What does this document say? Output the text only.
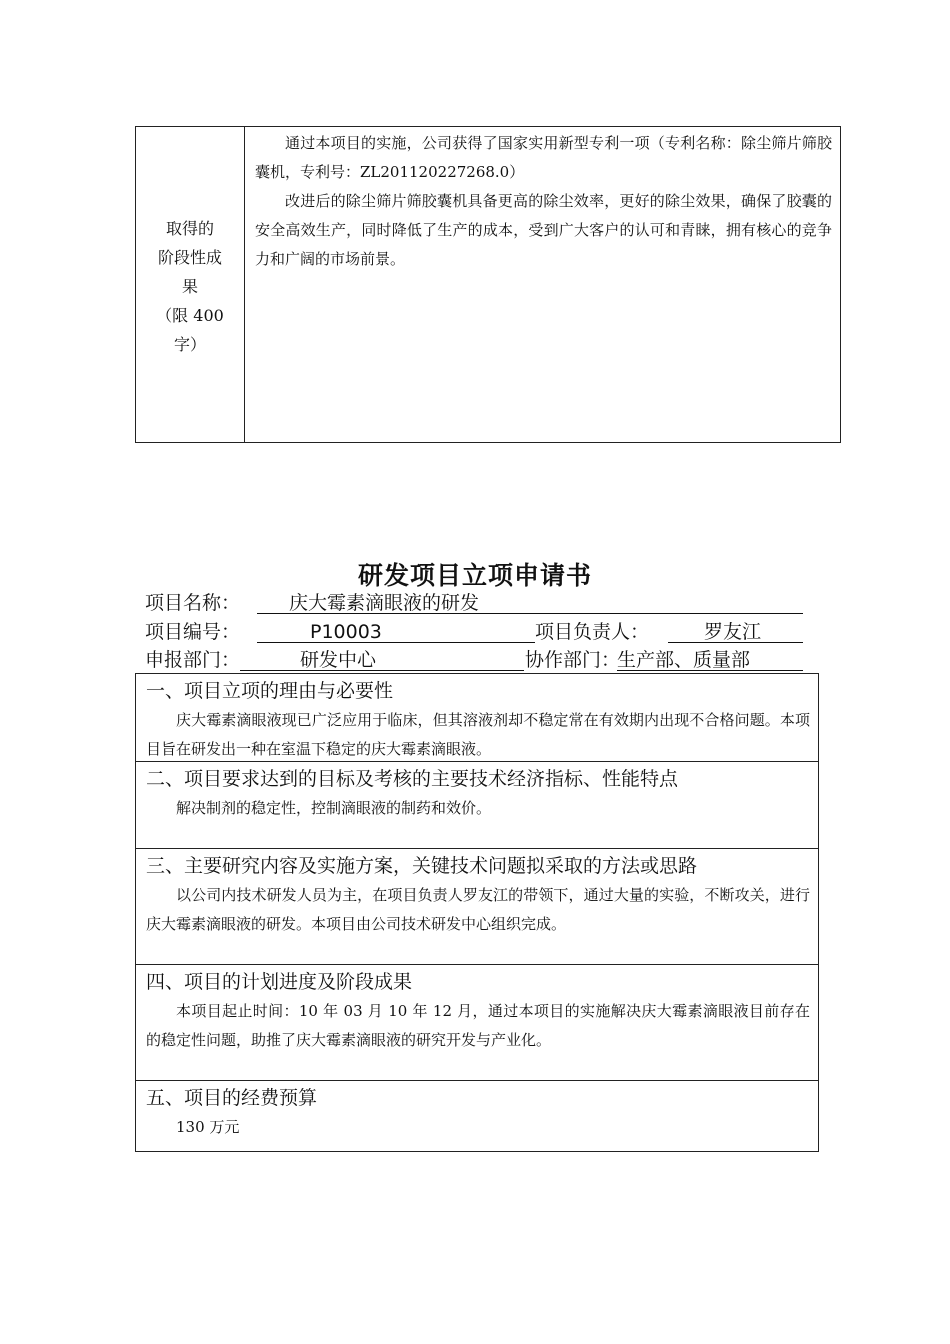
取得的
阶段性成
果
（限 400
字）

通过本项目的实施，公司获得了国家实用新型专利一项（专利名称：除尘筛片筛胶囊机，专利号：ZL201120227268.0）

改进后的除尘筛片筛胶囊机具备更高的除尘效率，更好的除尘效果，确保了胶囊的安全高效生产，同时降低了生产的成本，受到广大客户的认可和青睐，拥有核心的竞争力和广阔的市场前景。

研发项目立项申请书
项目名称：	庆大霉素滴眼液的研发
项目编号：	P10003	项目负责人：	罗友江
申报部门：	研发中心	协作部门：
生产部、质量部
一、项目立项的理由与必要性

庆大霉素滴眼液现已广泛应用于临床，但其溶液剂却不稳定常在有效期内出现不合格问题。本项目旨在研发出一种在室温下稳定的庆大霉素滴眼液。

二、项目要求达到的目标及考核的主要技术经济指标、性能特点

解决制剂的稳定性，控制滴眼液的制药和效价。

三、主要研究内容及实施方案，关键技术问题拟采取的方法或思路

以公司内技术研发人员为主，在项目负责人罗友江的带领下，通过大量的实验，不断攻关，进行庆大霉素滴眼液的研发。本项目由公司技术研发中心组织完成。

四、项目的计划进度及阶段成果

本项目起止时间：10 年 03 月 10 年 12 月，通过本项目的实施解决庆大霉素滴眼液目前存在的稳定性问题，助推了庆大霉素滴眼液的研究开发与产业化。

五、项目的经费预算

130 万元
